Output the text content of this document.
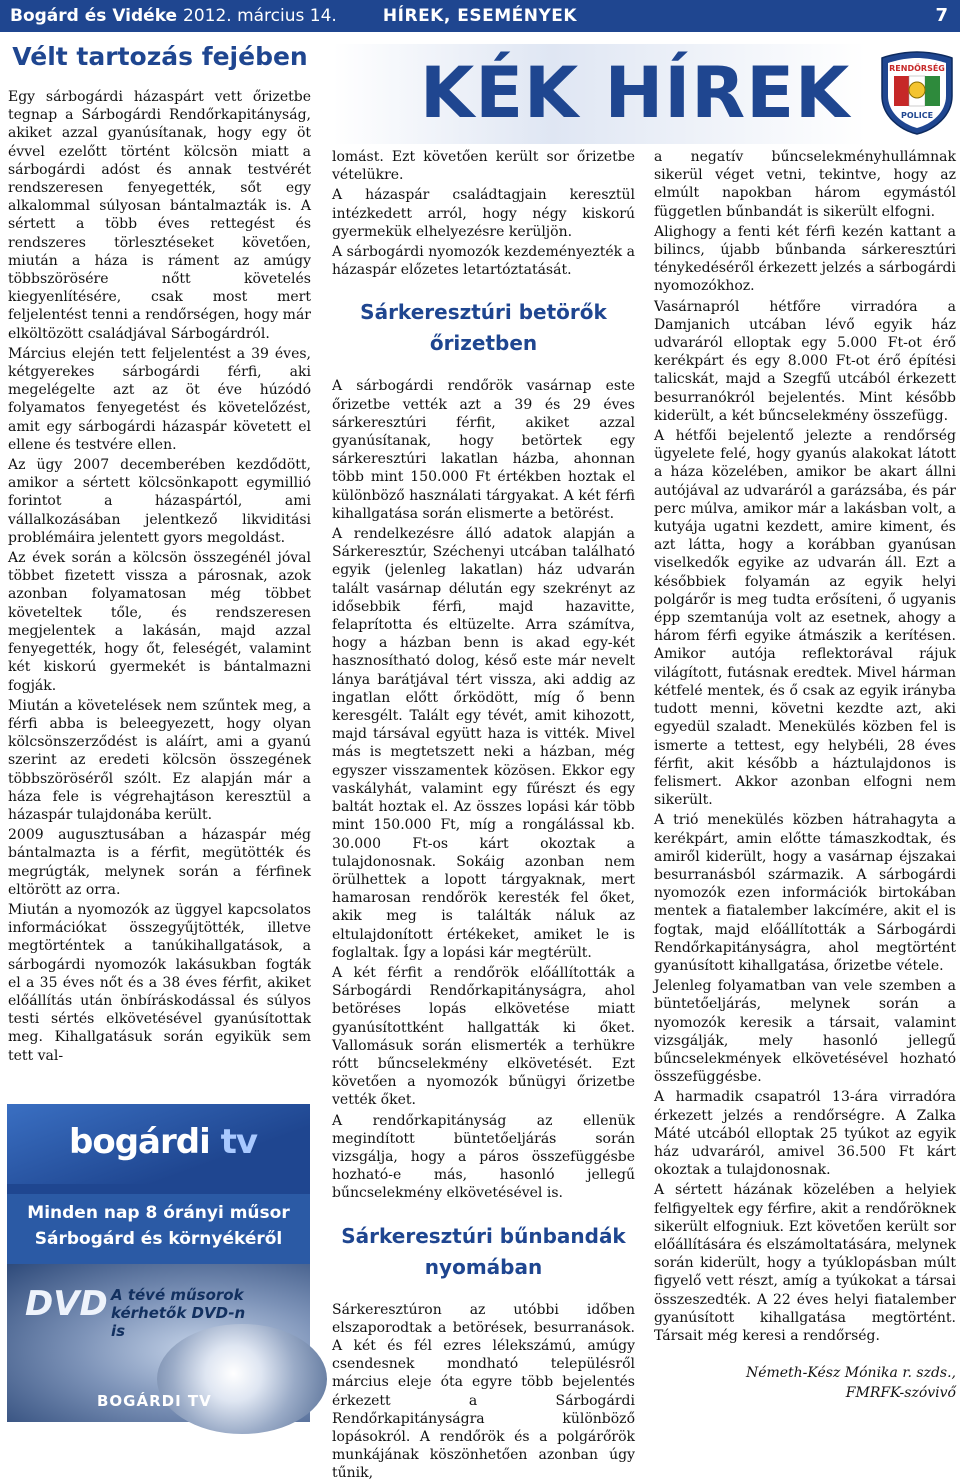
Bogárd és Vidéke 2012. március 14.	HÍREK, ESEMÉNYEK	7
Vélt tartozás fejében

Egy sárbogárdi házaspárt vett őrizetbe tegnap a Sárbogárdi Rendőrkapitányság, akiket azzal gyanúsítanak, hogy egy öt évvel ezelőtt történt kölcsön miatt a sárbogárdi adóst és annak testvérét rendszeresen fenyegették, sőt egy alkalommal súlyosan bántalmazták is. A sértett a több éves rettegést és rendszeres törlesztéseket követően, miután a háza is ráment az amúgy többszörösére nőtt követelés kiegyenlítésére, csak most mert feljelentést tenni a rendőrségen, hogy már elköltözött családjával Sárbogárdról.

Március elején tett feljelentést a 39 éves, kétgyerekes sárbogárdi férfi, aki megelégelte azt az öt éve húzódó folyamatos fenyegetést és követelőzést, amit egy sárbogárdi házaspár követett el ellene és testvére ellen.

Az ügy 2007 decemberében kezdődött, amikor a sértett kölcsönkapott egymillió forintot a házaspártól, ami vállalkozásában jelentkező likviditási problémáira jelentett gyors megoldást.

Az évek során a kölcsön összegénél jóval többet fizetett vissza a párosnak, azok azonban folyamatosan még többet követeltek tőle, és rendszeresen megjelentek a lakásán, majd azzal fenyegették, hogy őt, feleségét, valamint két kiskorú gyermekét is bántalmazni fogják.

Miután a követelések nem szűntek meg, a férfi abba is beleegyezett, hogy olyan kölcsönszerződést is aláírt, ami a gyanú szerint az eredeti kölcsön összegének többszöröséről szólt. Ez alapján már a háza fele is végrehajtáson keresztül a házaspár tulajdonába került.

2009 augusztusában a házaspár még bántalmazta is a férfit, megütötték és megrúgták, melynek során a férfinek eltörött az orra.

Miután a nyomozók az üggyel kapcsolatos információkat összegyűjtötték, illetve megtörténtek a tanúkihallgatások, a sárbogárdi nyomozók lakásukban fogták el a 35 éves nőt és a 38 éves férfit, akiket előállítás után önbíráskodással és súlyos testi sértés elkövetésével gyanúsítottak meg. Kihallgatásuk során egyikük sem tett val-

bogárdi tv
Minden nap 8 órányi műsor
Sárbogárd és környékéről
DVD A tévé műsorok kérhetők DVD-n is
BOGÁRDI TV
KÉK HÍREK	RENDŐRSÉG
POLICE

lomást. Ezt követően került sor őrizetbe vételükre.

A házaspár családtagjain keresztül intézkedett arról, hogy négy kiskorú gyermekük elhelyezésre kerüljön.

A sárbogárdi nyomozók kezdeményezték a házaspár előzetes letartóztatását.

Sárkeresztúri betörők őrizetben

A sárbogárdi rendőrök vasárnap este őrizetbe vették azt a 39 és 29 éves sárkeresztúri férfit, akiket azzal gyanúsítanak, hogy betörtek egy sárkeresztúri lakatlan házba, ahonnan több mint 150.000 Ft értékben hoztak el különböző használati tárgyakat. A két férfi kihallgatása során elismerte a betörést.

A rendelkezésre álló adatok alapján a Sárkeresztúr, Széchenyi utcában található egyik (jelenleg lakatlan) ház udvarán talált vasárnap délután egy szekrényt az idősebbik férfi, majd hazavitte, felaprította és eltüzelte. Arra számítva, hogy a házban benn is akad egy-két hasznosítható dolog, késő este már nevelt lánya barátjával tért vissza, aki addig az ingatlan előtt őrködött, míg ő benn keresgélt. Talált egy tévét, amit kihozott, majd társával együtt haza is vitték. Mivel más is megtetszett neki a házban, még egyszer visszamentek közösen. Ekkor egy vaskályhát, valamint egy fűrészt és egy baltát hoztak el. Az összes lopási kár több mint 150.000 Ft, míg a rongálással kb. 30.000 Ft-os kárt okoztak a tulajdonosnak. Sokáig azonban nem örülhettek a lopott tárgyaknak, mert hamarosan rendőrök keresték fel őket, akik meg is találták náluk az eltulajdonított értékeket, amiket le is foglaltak. Így a lopási kár megtérült.

A két férfit a rendőrök előállították a Sárbogárdi Rendőrkapitányságra, ahol betöréses lopás elkövetése miatt gyanúsítottként hallgatták ki őket. Vallomásuk során elismerték a terhükre rótt bűncselekmény elkövetését. Ezt követően a nyomozók bűnügyi őrizetbe vették őket.

A rendőrkapitányság az ellenük megindított büntetőeljárás során vizsgálja, hogy a páros összefüggésbe hozható-e más, hasonló jellegű bűncselekmény elkövetésével is.

Sárkeresztúri bűnbandák nyomában

Sárkeresztúron az utóbbi időben elszaporodtak a betörések, besurranások. A két és fél ezres lélekszámú, amúgy csendesnek mondható településről március eleje óta egyre több bejelentés érkezett a Sárbogárdi Rendőrkapitányságra különböző lopásokról. A rendőrök és a polgárőrök munkájának köszönhetően azonban úgy tűnik,

a negatív bűncselekményhullámnak sikerül véget vetni, tekintve, hogy az elmúlt napokban három egymástól független bűnbandát is sikerült elfogni.

Alighogy a fenti két férfi kezén kattant a bilincs, újabb bűnbanda sárkeresztúri ténykedéséről érkezett jelzés a sárbogárdi nyomozókhoz.

Vasárnapról hétfőre virradóra a Damjanich utcában lévő egyik ház udvaráról elloptak egy 5.000 Ft-ot érő kerékpárt és egy 8.000 Ft-ot érő építési talicskát, majd a Szegfű utcából érkezett besurranókról bejelentés. Mint később kiderült, a két bűncselekmény összefügg.

A hétfői bejelentő jelezte a rendőrség ügyelete felé, hogy gyanús alakokat látott a háza közelében, amikor be akart állni autójával az udvaráról a garázsába, és pár perc múlva, amikor már a lakásban volt, a kutyája ugatni kezdett, amire kiment, és azt látta, hogy a korábban gyanúsan viselkedők egyike az udvarán áll. Ezt a későbbiek folyamán az egyik helyi polgárőr is meg tudta erősíteni, ő ugyanis épp szemtanúja volt az esetnek, ahogy a három férfi egyike átmászik a kerítésen. Amikor autója reflektorával rájuk világított, futásnak eredtek. Mivel hárman kétfelé mentek, és ő csak az egyik irányba tudott menni, követni kezdte azt, aki egyedül szaladt. Menekülés közben fel is ismerte a tettest, egy helybéli, 28 éves férfit, akit később a háztulajdonos is felismert. Akkor azonban elfogni nem sikerült.

A trió menekülés közben hátrahagyta a kerékpárt, amin előtte támaszkodtak, és amiről kiderült, hogy a vasárnap éjszakai besurranásból származik. A sárbogárdi nyomozók ezen információk birtokában mentek a fiatalember lakcímére, akit el is fogtak, majd előállították a Sárbogárdi Rendőrkapitányságra, ahol megtörtént gyanúsított kihallgatása, őrizetbe vétele.

Jelenleg folyamatban van vele szemben a büntetőeljárás, melynek során a nyomozók keresik a társait, valamint vizsgálják, mely hasonló jellegű bűncselekmények elkövetésével hozható összefüggésbe.

A harmadik csapatról 13-ára virradóra érkezett jelzés a rendőrségre. A Zalka Máté utcából elloptak 25 tyúkot az egyik ház udvaráról, amivel 36.500 Ft kárt okoztak a tulajdonosnak.

A sértett házának közelében a helyiek felfigyeltek egy férfire, akit a rendőröknek sikerült elfogniuk. Ezt követően került sor előállítására és elszámoltatására, melynek során kiderült, hogy a tyúklopásban múlt figyelő vett részt, amíg a tyúkokat a társai összeszedték. A 22 éves helyi fiatalember gyanúsított kihallgatása megtörtént. Társait még keresi a rendőrség.

Németh-Kész Mónika r. szds.,
FMRFK-szóvivő
